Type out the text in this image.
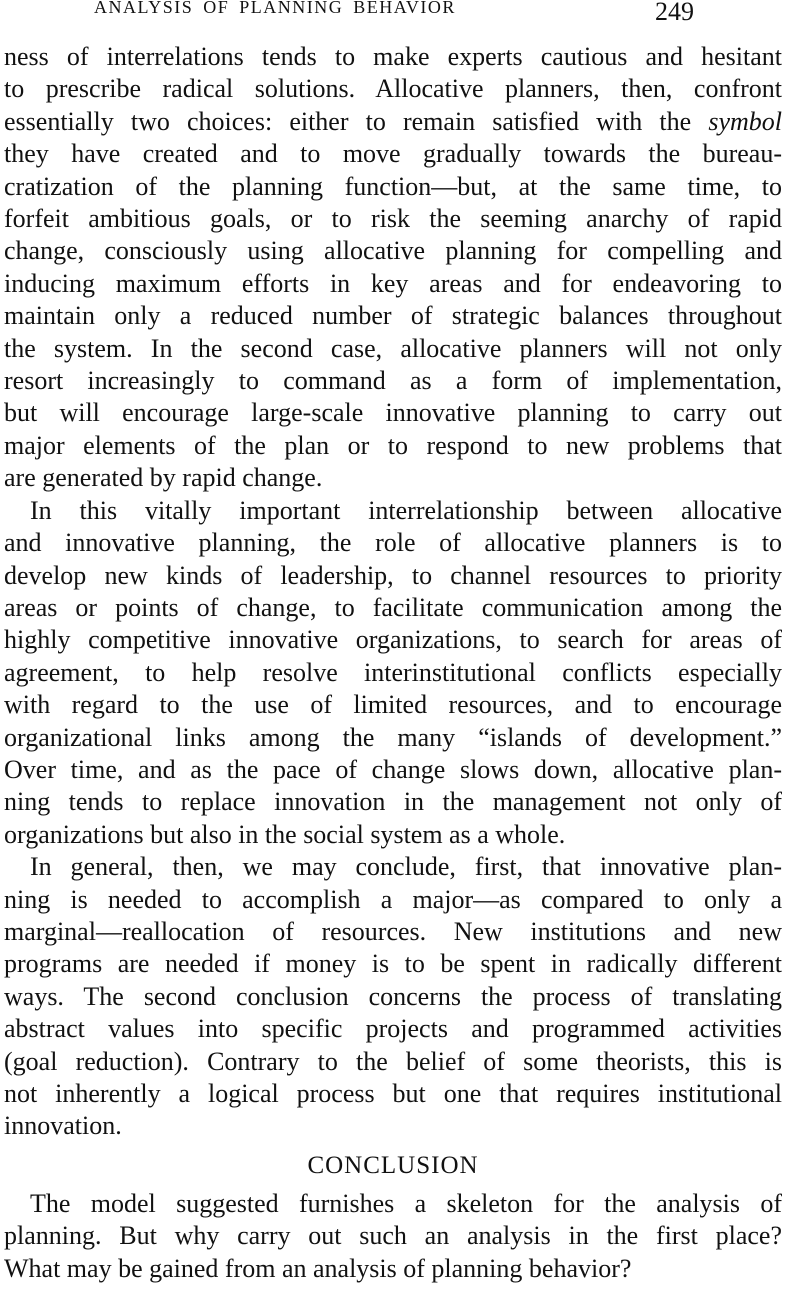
ANALYSIS OF PLANNING BEHAVIOR	249

ness of interrelations tends to make experts cautious and hesitant
to prescribe radical solutions. Allocative planners, then, confront
essentially two choices: either to remain satisfied with the symbol
they have created and to move gradually towards the bureau-
cratization of the planning function—but, at the same time, to
forfeit ambitious goals, or to risk the seeming anarchy of rapid
change, consciously using allocative planning for compelling and
inducing maximum efforts in key areas and for endeavoring to
maintain only a reduced number of strategic balances throughout
the system. In the second case, allocative planners will not only
resort increasingly to command as a form of implementation,
but will encourage large-scale innovative planning to carry out
major elements of the plan or to respond to new problems that
are generated by rapid change.

In this vitally important interrelationship between allocative
and innovative planning, the role of allocative planners is to
develop new kinds of leadership, to channel resources to priority
areas or points of change, to facilitate communication among the
highly competitive innovative organizations, to search for areas of
agreement, to help resolve interinstitutional conflicts especially
with regard to the use of limited resources, and to encourage
organizational links among the many “islands of development.”
Over time, and as the pace of change slows down, allocative plan-
ning tends to replace innovation in the management not only of
organizations but also in the social system as a whole.

In general, then, we may conclude, first, that innovative plan-
ning is needed to accomplish a major—as compared to only a
marginal—reallocation of resources. New institutions and new
programs are needed if money is to be spent in radically different
ways. The second conclusion concerns the process of translating
abstract values into specific projects and programmed activities
(goal reduction). Contrary to the belief of some theorists, this is
not inherently a logical process but one that requires institutional
innovation.

CONCLUSION

The model suggested furnishes a skeleton for the analysis of
planning. But why carry out such an analysis in the first place?
What may be gained from an analysis of planning behavior?
